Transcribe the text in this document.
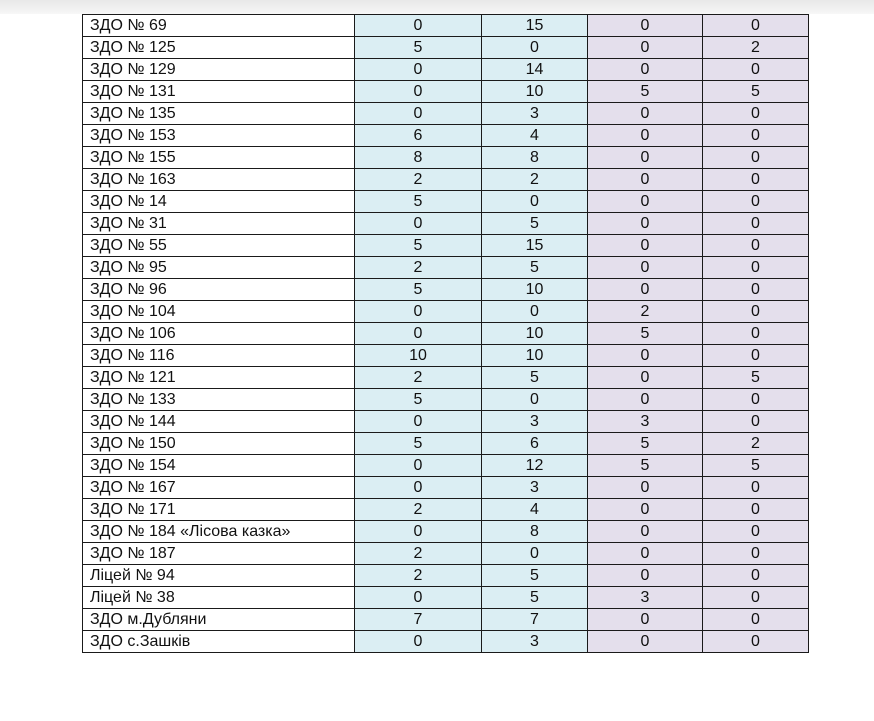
ЗДО № 69	0	15	0	0
ЗДО № 125	5	0	0	2
ЗДО № 129	0	14	0	0
ЗДО № 131	0	10	5	5
ЗДО № 135	0	3	0	0
ЗДО № 153	6	4	0	0
ЗДО № 155	8	8	0	0
ЗДО № 163	2	2	0	0
ЗДО № 14	5	0	0	0
ЗДО № 31	0	5	0	0
ЗДО № 55	5	15	0	0
ЗДО № 95	2	5	0	0
ЗДО № 96	5	10	0	0
ЗДО № 104	0	0	2	0
ЗДО № 106	0	10	5	0
ЗДО № 116	10	10	0	0
ЗДО № 121	2	5	0	5
ЗДО № 133	5	0	0	0
ЗДО № 144	0	3	3	0
ЗДО № 150	5	6	5	2
ЗДО № 154	0	12	5	5
ЗДО № 167	0	3	0	0
ЗДО № 171	2	4	0	0
ЗДО № 184 «Лісова казка»	0	8	0	0
ЗДО № 187	2	0	0	0
Ліцей № 94	2	5	0	0
Ліцей № 38	0	5	3	0
ЗДО м.Дубляни	7	7	0	0
ЗДО с.Зашків	0	3	0	0
